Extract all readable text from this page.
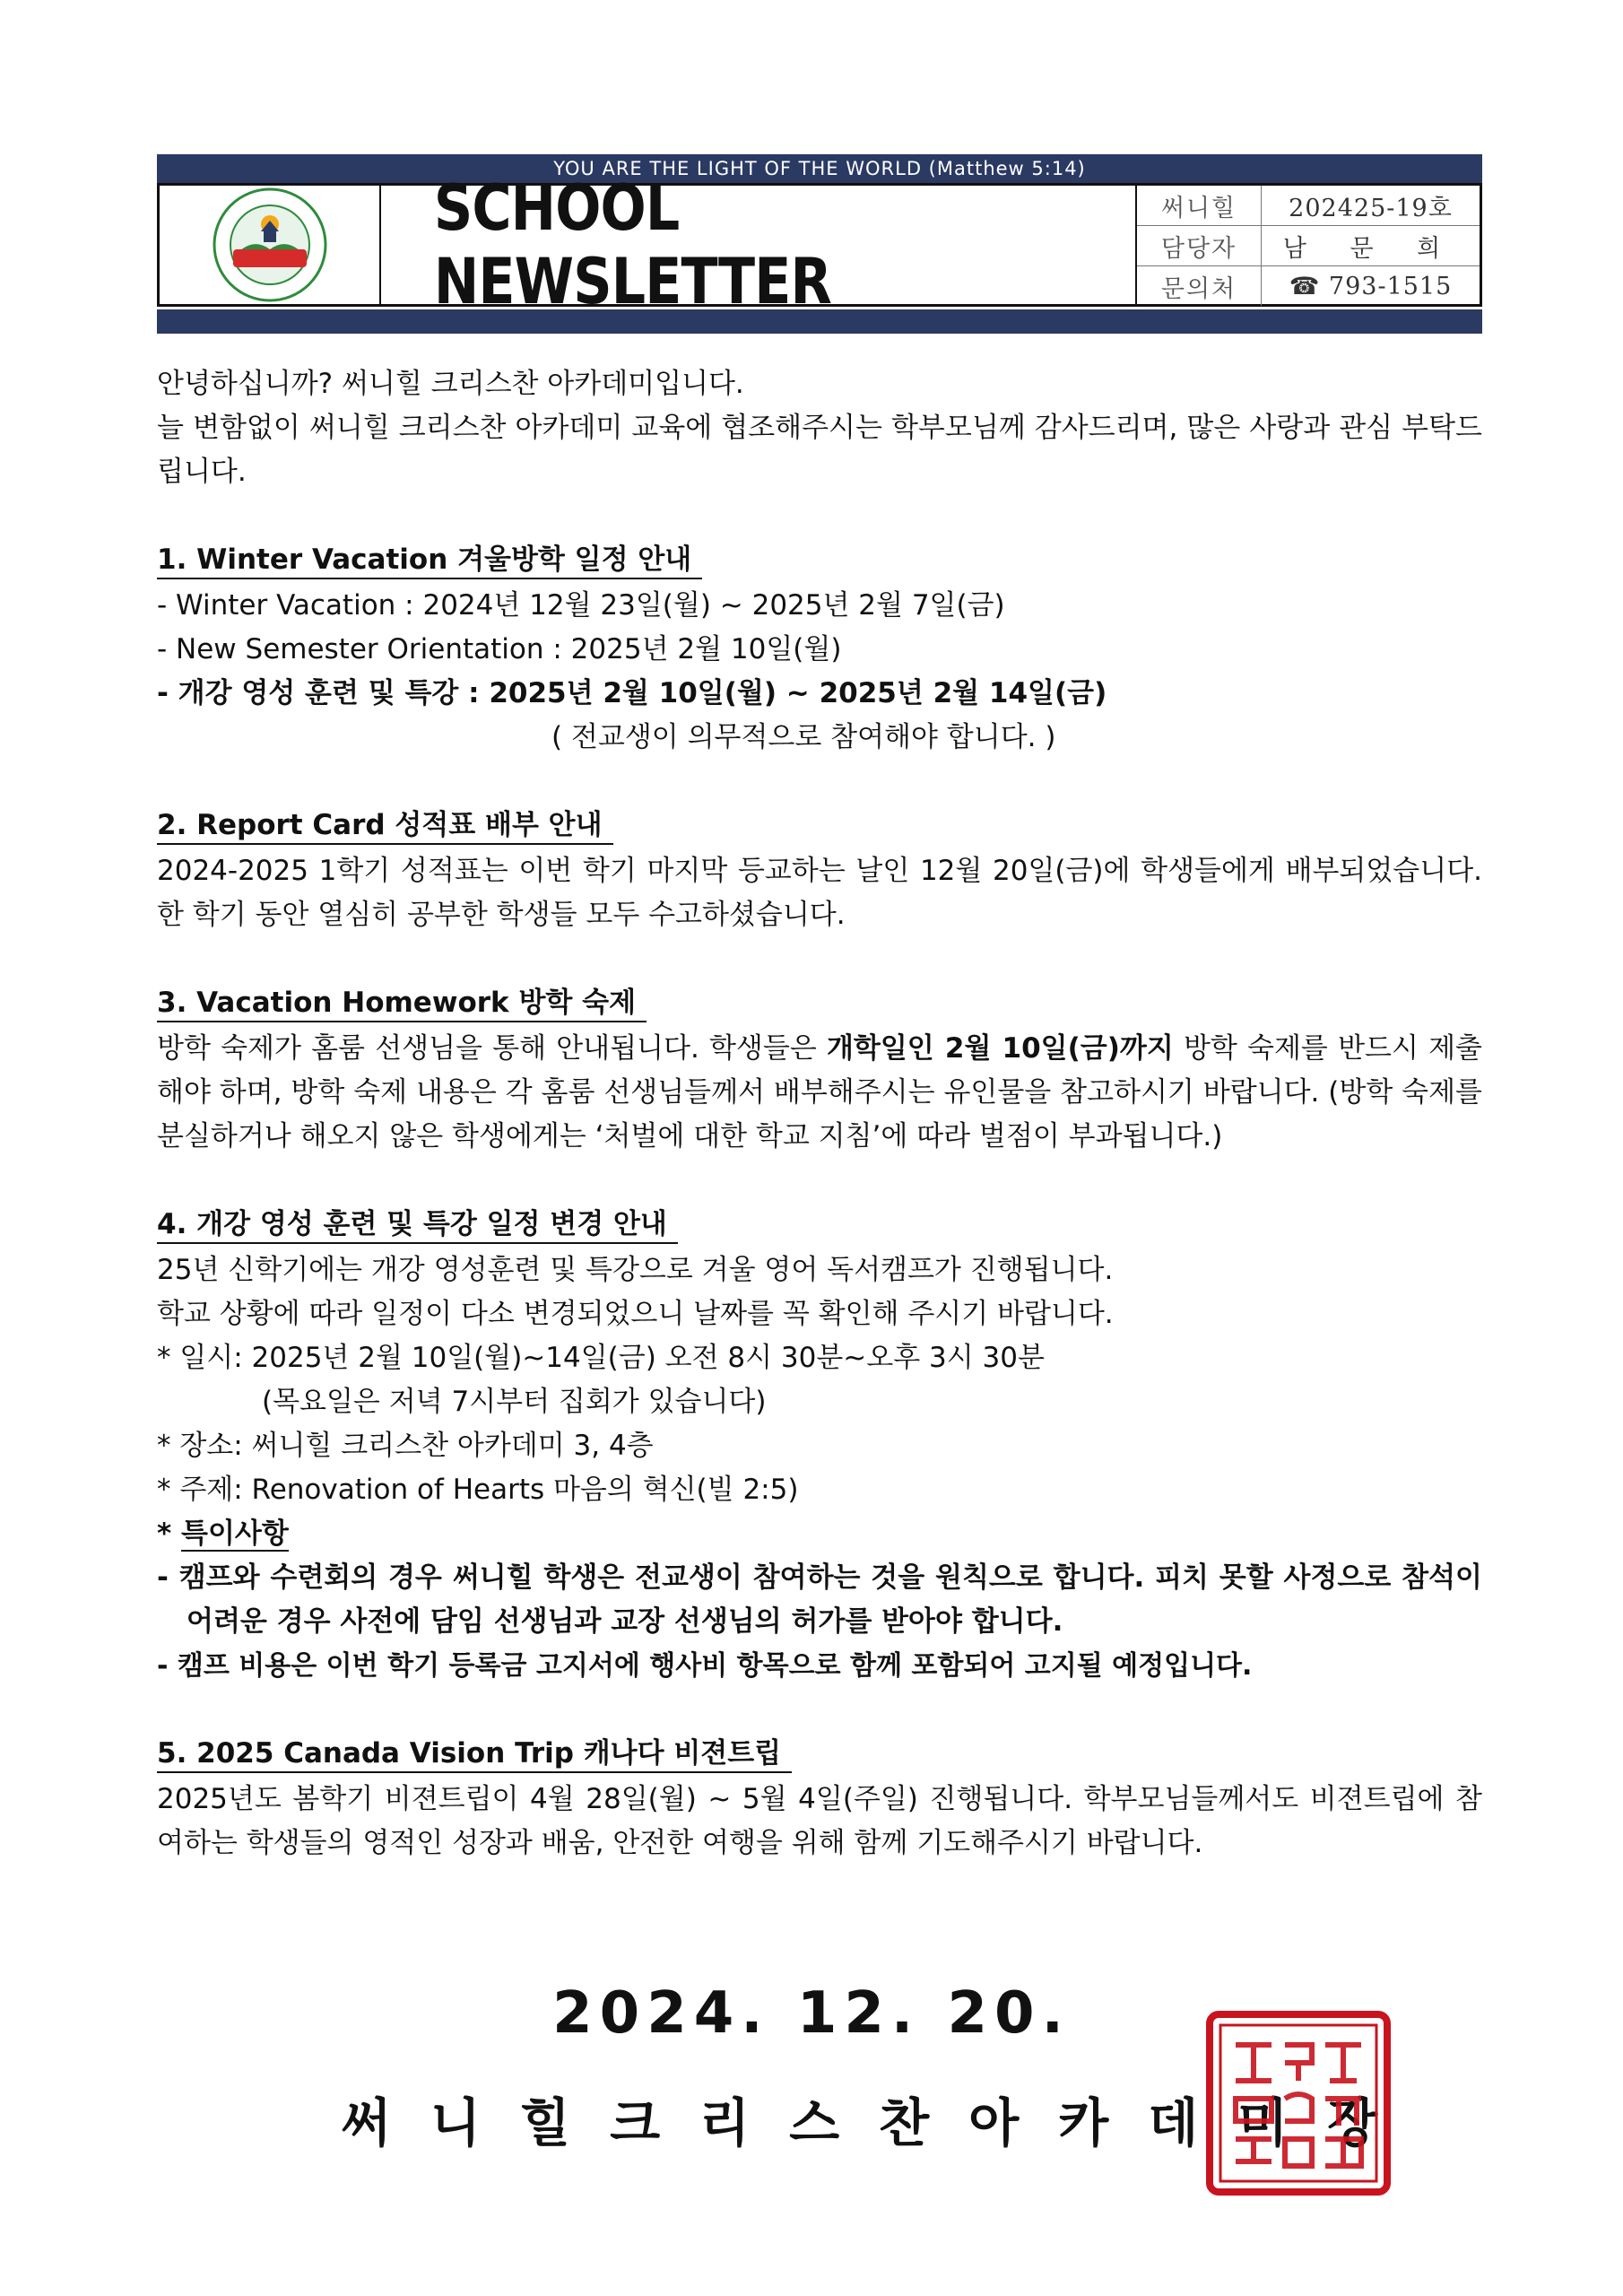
YOU ARE THE LIGHT OF THE WORLD (Matthew 5:14)
SCHOOL NEWSLETTER
써니힐	202425-19호
담당자	남 문 희
문의처	☎ 793-1515

안녕하십니까? 써니힐 크리스찬 아카데미입니다.

늘 변함없이 써니힐 크리스찬 아카데미 교육에 협조해주시는 학부모님께 감사드리며, 많은 사랑과 관심 부탁드립니다.

1. Winter Vacation 겨울방학 일정 안내

- Winter Vacation : 2024년 12월 23일(월) ~ 2025년 2월 7일(금)

- New Semester Orientation : 2025년 2월 10일(월)

- 개강 영성 훈련 및 특강 : 2025년 2월 10일(월) ~ 2025년 2월 14일(금)

( 전교생이 의무적으로 참여해야 합니다. )

2. Report Card 성적표 배부 안내

2024-2025 1학기 성적표는 이번 학기 마지막 등교하는 날인 12월 20일(금)에 학생들에게 배부되었습니다. 한 학기 동안 열심히 공부한 학생들 모두 수고하셨습니다.

3. Vacation Homework 방학 숙제

방학 숙제가 홈룸 선생님을 통해 안내됩니다. 학생들은 개학일인 2월 10일(금)까지 방학 숙제를 반드시 제출해야 하며, 방학 숙제 내용은 각 홈룸 선생님들께서 배부해주시는 유인물을 참고하시기 바랍니다. (방학 숙제를 분실하거나 해오지 않은 학생에게는 ‘처벌에 대한 학교 지침’에 따라 벌점이 부과됩니다.)

4. 개강 영성 훈련 및 특강 일정 변경 안내

25년 신학기에는 개강 영성훈련 및 특강으로 겨울 영어 독서캠프가 진행됩니다.

학교 상황에 따라 일정이 다소 변경되었으니 날짜를 꼭 확인해 주시기 바랍니다.

* 일시: 2025년 2월 10일(월)~14일(금) 오전 8시 30분~오후 3시 30분

(목요일은 저녁 7시부터 집회가 있습니다)

* 장소: 써니힐 크리스찬 아카데미 3, 4층

* 주제: Renovation of Hearts 마음의 혁신(빌 2:5)

* 특이사항

- 캠프와 수련회의 경우 써니힐 학생은 전교생이 참여하는 것을 원칙으로 합니다. 피치 못할 사정으로 참석이 어려운 경우 사전에 담임 선생님과 교장 선생님의 허가를 받아야 합니다.

- 캠프 비용은 이번 학기 등록금 고지서에 행사비 항목으로 함께 포함되어 고지될 예정입니다.

5. 2025 Canada Vision Trip 캐나다 비젼트립

2025년도 봄학기 비젼트립이 4월 28일(월) ~ 5월 4일(주일) 진행됩니다. 학부모님들께서도 비젼트립에 참여하는 학생들의 영적인 성장과 배움, 안전한 여행을 위해 함께 기도해주시기 바랍니다.

2024. 12. 20.
써니힐크리스찬아카데미장
